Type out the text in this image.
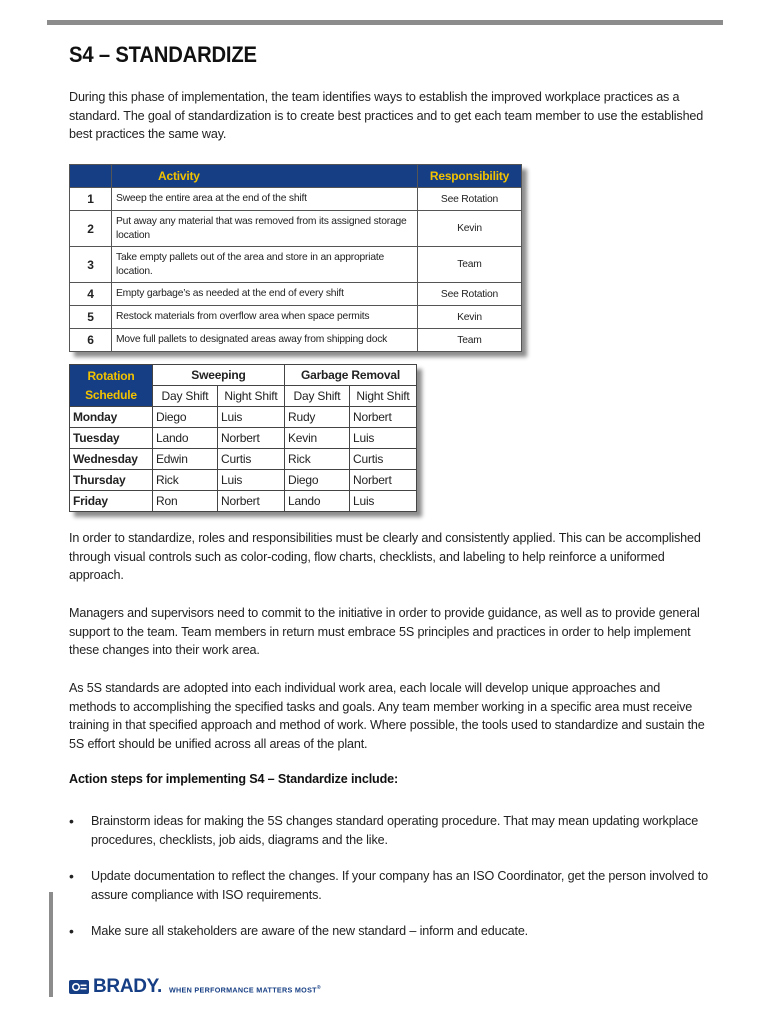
S4 – STANDARDIZE

During this phase of implementation, the team identifies ways to establish the improved workplace practices as a standard. The goal of standardization is to create best practices and to get each team member to use the established best practices the same way.

	Activity	Responsibility
1	Sweep the entire area at the end of the shift	See Rotation
2	Put away any material that was removed from its assigned storage location	Kevin
3	Take empty pallets out of the area and store in an appropriate location.	Team
4	Empty garbage’s as needed at the end of every shift	See Rotation
5	Restock materials from overflow area when space permits	Kevin
6	Move full pallets to designated areas away from shipping dock	Team
Rotation
Schedule	Sweeping		Garbage Removal	
	Day Shift	Night Shift	Day Shift	Night Shift
Monday	Diego	Luis	Rudy	Norbert
Tuesday	Lando	Norbert	Kevin	Luis
Wednesday	Edwin	Curtis	Rick	Curtis
Thursday	Rick	Luis	Diego	Norbert
Friday	Ron	Norbert	Lando	Luis

In order to standardize, roles and responsibilities must be clearly and consistently applied. This can be accomplished through visual controls such as color-coding, flow charts, checklists, and labeling to help reinforce a uniformed approach.

Managers and supervisors need to commit to the initiative in order to provide guidance, as well as to provide general support to the team. Team members in return must embrace 5S principles and practices in order to help implement these changes into their work area.

As 5S standards are adopted into each individual work area, each locale will develop unique approaches and methods to accomplishing the specified tasks and goals. Any team member working in a specific area must receive training in that specified approach and method of work. Where possible, the tools used to standardize and sustain the 5S effort should be unified across all areas of the plant.

Action steps for implementing S4 – Standardize include:

• Brainstorm ideas for making the 5S changes standard operating procedure. That may mean updating workplace procedures, checklists, job aids, diagrams and the like.
• Update documentation to reflect the changes. If your company has an ISO Coordinator, get the person involved to assure compliance with ISO requirements.
• Make sure all stakeholders are aware of the new standard – inform and educate.
BRADY. WHEN PERFORMANCE MATTERS MOST®
